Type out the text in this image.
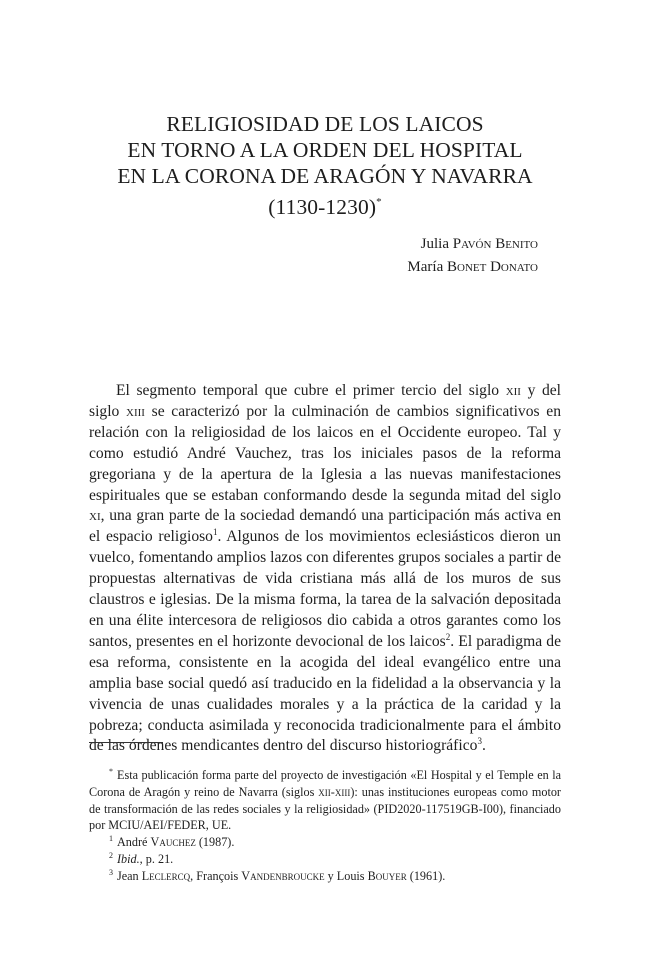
RELIGIOSIDAD DE LOS LAICOS
EN TORNO A LA ORDEN DEL HOSPITAL
EN LA CORONA DE ARAGÓN Y NAVARRA
(1130-1230)*
Julia Pavón Benito
María Bonet Donato

El segmento temporal que cubre el primer tercio del siglo xii y del siglo xiii se caracterizó por la culminación de cambios significativos en relación con la religiosidad de los laicos en el Occidente europeo. Tal y como estudió André Vauchez, tras los iniciales pasos de la reforma gregoriana y de la apertura de la Iglesia a las nuevas manifestaciones espirituales que se estaban conformando desde la segunda mitad del siglo xi, una gran parte de la sociedad demandó una participación más activa en el espacio religioso$^1$. Algunos de los movimientos eclesiásticos dieron un vuelco, fomentando amplios lazos con diferentes grupos sociales a partir de propuestas alternativas de vida cristiana más allá de los muros de sus claustros e iglesias. De la misma forma, la tarea de la salvación depositada en una élite intercesora de religiosos dio cabida a otros garantes como los santos, presentes en el horizonte devocional de los laicos$^2$. El paradigma de esa reforma, consistente en la acogida del ideal evangélico entre una amplia base social quedó así traducido en la fidelidad a la observancia y la vivencia de unas cualidades morales y a la práctica de la caridad y la pobreza; conducta asimilada y reconocida tradicionalmente para el ámbito de las órdenes mendicantes dentro del discurso historiográfico$^3$.

* Esta publicación forma parte del proyecto de investigación «El Hospital y el Temple en la Corona de Aragón y reino de Navarra (siglos xii-xiii): unas instituciones europeas como motor de transformación de las redes sociales y la religiosidad» (PID2020-117519GB-I00), financiado por MCIU/AEI/FEDER, UE.
$^1$ André Vauchez (1987).
$^2$ Ibid., p. 21.
$^3$ Jean Leclercq, François Vandenbroucke y Louis Bouyer (1961).
